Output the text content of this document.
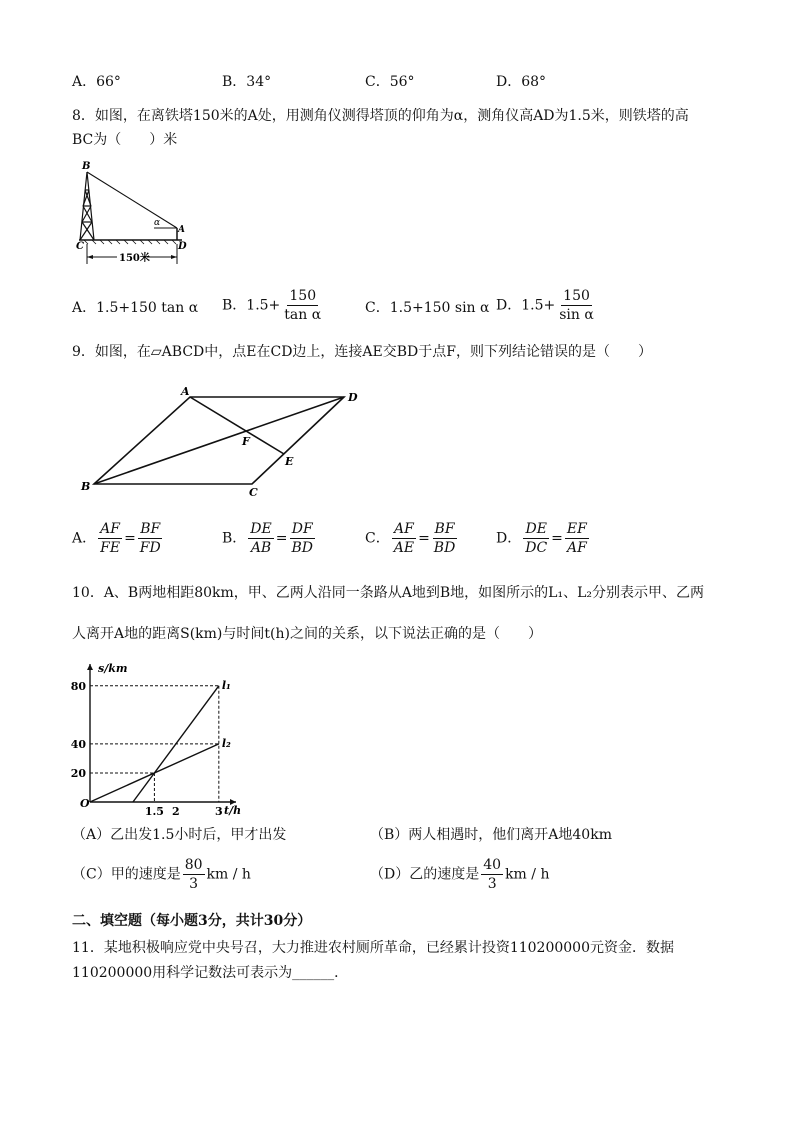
A．66°	B．34°	C．56°	D．68°
8．如图，在离铁塔150米的A处，用测角仪测得塔顶的仰角为α，测角仪高AD为1.5米，则铁塔的高
BC为（　　）米
α
B
C
A
D
150米
A．1.5+150 tan α B．$1.5+ \frac{150}{\text{tan α}}$	C．1.5+150 sin α D．$1.5+ \frac{150}{\text{sin α}}$
9．如图，在▱ABCD中，点E在CD边上，连接AE交BD于点F，则下列结论错误的是（　　）
A	D
B	C
E
F
A． $\frac{AF}{FE} = \frac{BF}{FD}$	B． $\frac{DE}{AB} = \frac{DF}{BD}$	C． $\frac{AF}{AE} = \frac{BF}{BD}$	D． $\frac{DE}{DC} = \frac{EF}{AF}$
10．A、B两地相距80km，甲、乙两人沿同一条路从A地到B地，如图所示的L₁、L₂分别表示甲、乙两
人离开A地的距离S(km)与时间t(h)之间的关系，以下说法正确的是（　　）
20
40
80
1.5 2	3
l₁
l₂
s/km
t/h
O
（A）乙出发1.5小时后，甲才出发	（B）两人相遇时，他们离开A地40km
（C）甲的速度是 $\frac{80}{3}$ km / h	（D）乙的速度是 $\frac{40}{3}$ km / h
二、填空题（每小题3分，共计30分）
11．某地积极响应党中央号召，大力推进农村厕所革命，已经累计投资110200000元资金．数据
110200000用科学记数法可表示为______．
